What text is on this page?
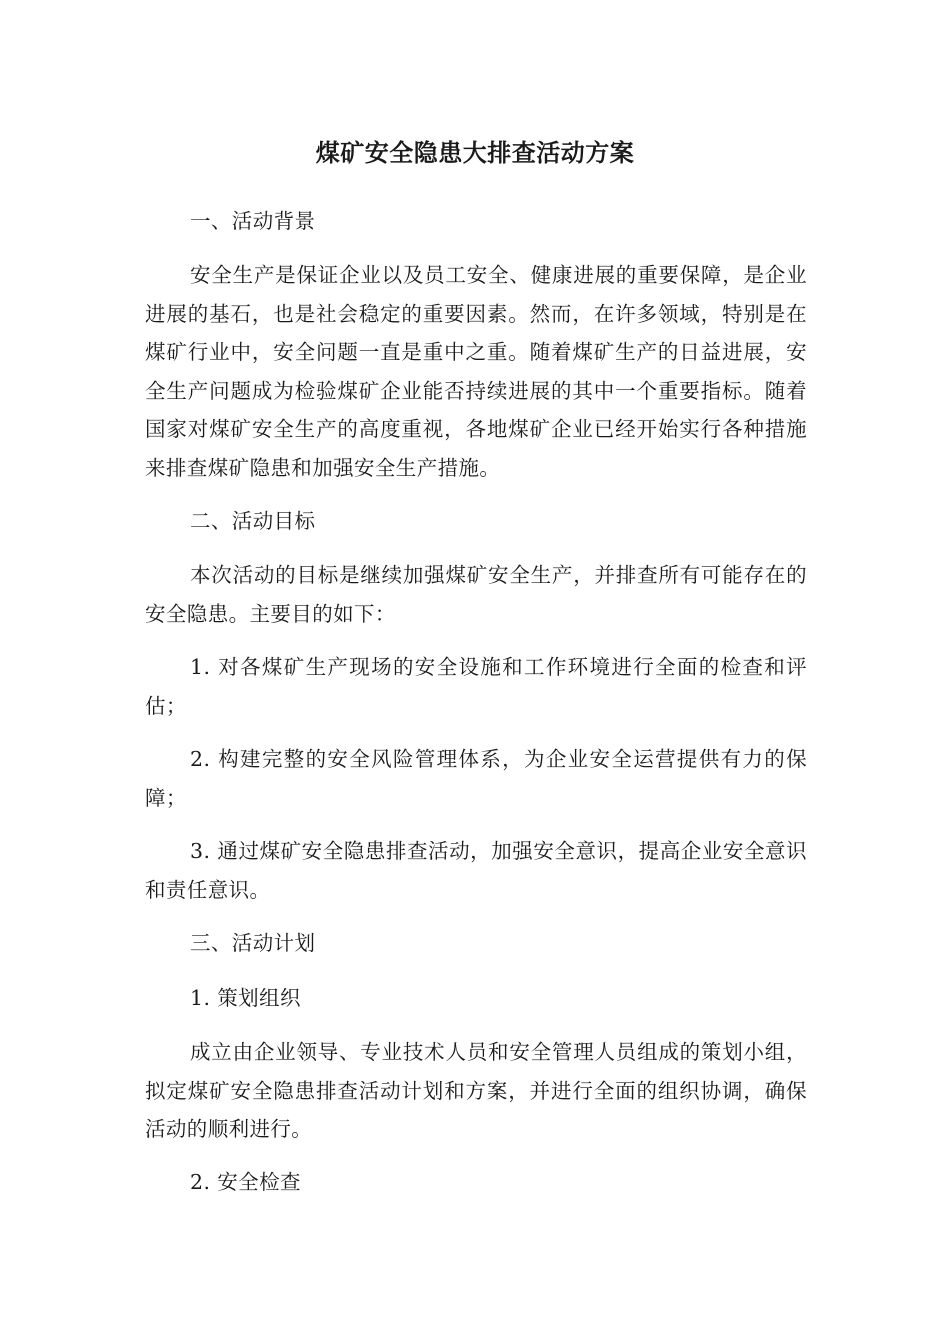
煤矿安全隐患大排查活动方案

一、活动背景

安全生产是保证企业以及员工安全、健康进展的重要保障，是企业进展的基石，也是社会稳定的重要因素。然而，在许多领域，特别是在煤矿行业中，安全问题一直是重中之重。随着煤矿生产的日益进展，安全生产问题成为检验煤矿企业能否持续进展的其中一个重要指标。随着国家对煤矿安全生产的高度重视，各地煤矿企业已经开始实行各种措施来排查煤矿隐患和加强安全生产措施。

二、活动目标

本次活动的目标是继续加强煤矿安全生产，并排查所有可能存在的安全隐患。主要目的如下：

1. 对各煤矿生产现场的安全设施和工作环境进行全面的检查和评估；

2. 构建完整的安全风险管理体系，为企业安全运营提供有力的保障；

3. 通过煤矿安全隐患排查活动，加强安全意识，提高企业安全意识和责任意识。

三、活动计划

1. 策划组织

成立由企业领导、专业技术人员和安全管理人员组成的策划小组，拟定煤矿安全隐患排查活动计划和方案，并进行全面的组织协调，确保活动的顺利进行。

2. 安全检查
